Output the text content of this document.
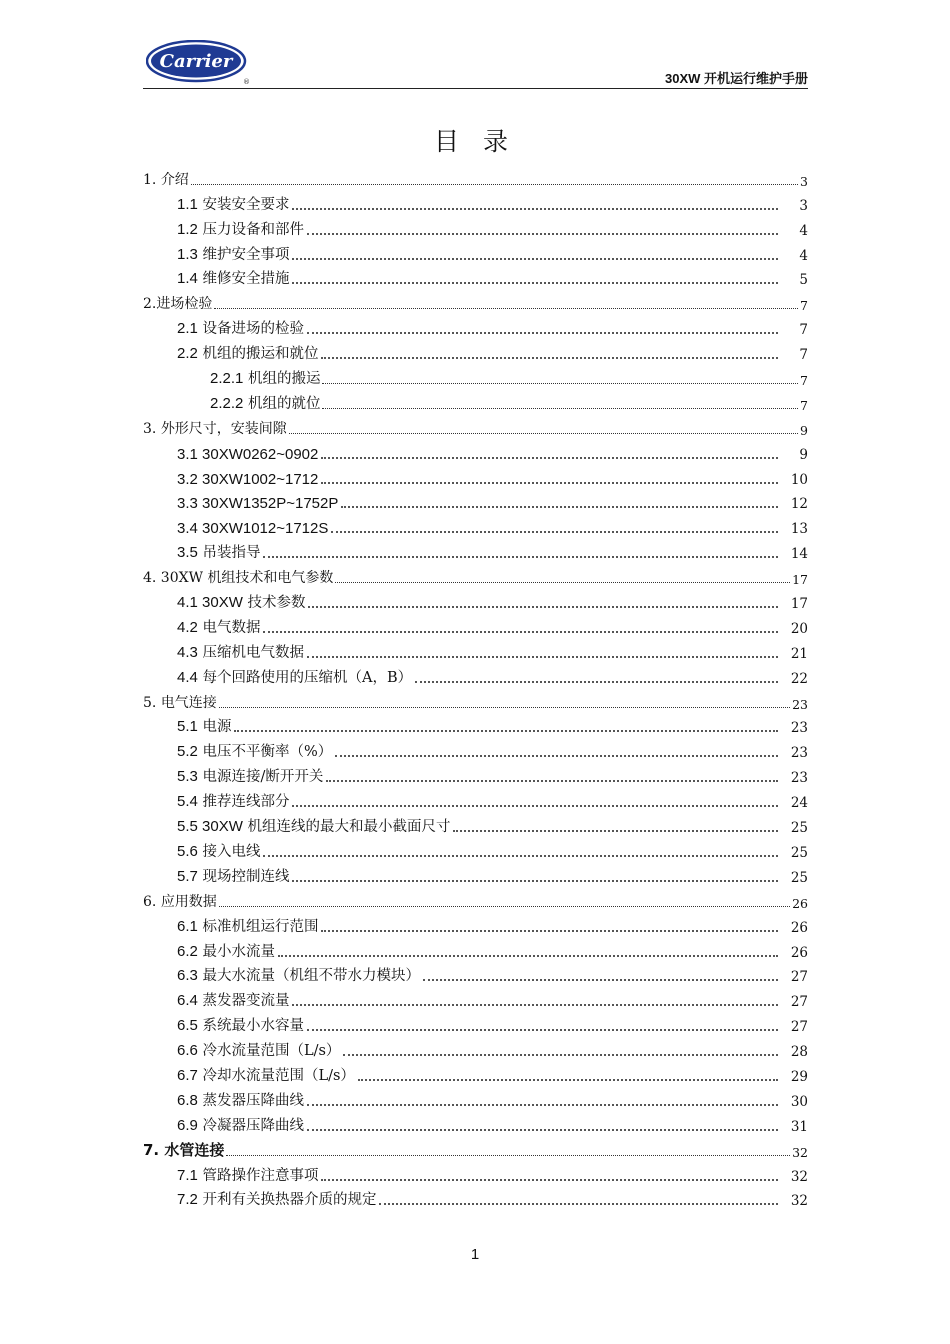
Carrier
®	30XW 开机运行维护手册
目 录
1. 介绍	3
1.1 安装安全要求	3
1.2 压力设备和部件	4
1.3 维护安全事项	4
1.4 维修安全措施	5
2.进场检验	7
2.1 设备进场的检验	7
2.2 机组的搬运和就位	7
2.2.1 机组的搬运	7
2.2.2 机组的就位	7
3. 外形尺寸，安装间隙	9
3.1 30XW0262~0902	9
3.2 30XW1002~1712	10
3.3 30XW1352P~1752P	12
3.4 30XW1012~1712S	13
3.5 吊装指导	14
4. 30XW 机组技术和电气参数	17
4.1 30XW 技术参数	17
4.2 电气数据	20
4.3 压缩机电气数据	21
4.4 每个回路使用的压缩机（A，B）	22
5. 电气连接	23
5.1 电源	23
5.2 电压不平衡率（%）	23
5.3 电源连接/断开开关	23
5.4 推荐连线部分	24
5.5 30XW 机组连线的最大和最小截面尺寸	25
5.6 接入电线	25
5.7 现场控制连线	25
6. 应用数据	26
6.1 标准机组运行范围	26
6.2 最小水流量	26
6.3 最大水流量（机组不带水力模块）	27
6.4 蒸发器变流量	27
6.5 系统最小水容量	27
6.6 冷水流量范围（L/s）	28
6.7 冷却水流量范围（L/s）	29
6.8 蒸发器压降曲线	30
6.9 冷凝器压降曲线	31
7. 水管连接	32
7.1 管路操作注意事项	32
7.2 开利有关换热器介质的规定	32
1
